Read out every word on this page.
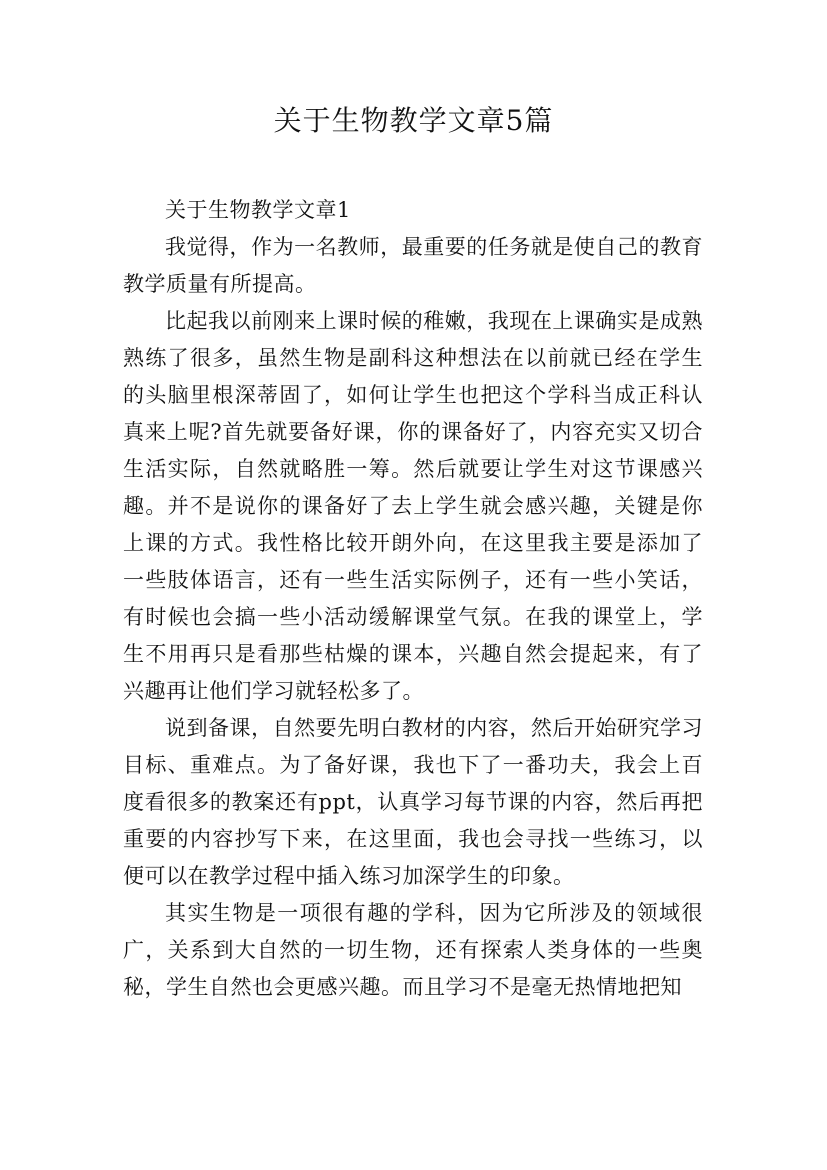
关于生物教学文章5篇

关于生物教学文章1

我觉得，作为一名教师，最重要的任务就是使自己的教育教学质量有所提高。

比起我以前刚来上课时候的稚嫩，我现在上课确实是成熟熟练了很多，虽然生物是副科这种想法在以前就已经在学生的头脑里根深蒂固了，如何让学生也把这个学科当成正科认真来上呢?首先就要备好课，你的课备好了，内容充实又切合生活实际，自然就略胜一筹。然后就要让学生对这节课感兴趣。并不是说你的课备好了去上学生就会感兴趣，关键是你上课的方式。我性格比较开朗外向，在这里我主要是添加了一些肢体语言，还有一些生活实际例子，还有一些小笑话，有时候也会搞一些小活动缓解课堂气氛。在我的课堂上，学生不用再只是看那些枯燥的课本，兴趣自然会提起来，有了兴趣再让他们学习就轻松多了。

说到备课，自然要先明白教材的内容，然后开始研究学习目标、重难点。为了备好课，我也下了一番功夫，我会上百度看很多的教案还有ppt，认真学习每节课的内容，然后再把重要的内容抄写下来，在这里面，我也会寻找一些练习，以便可以在教学过程中插入练习加深学生的印象。

其实生物是一项很有趣的学科，因为它所涉及的领域很广，关系到大自然的一切生物，还有探索人类身体的一些奥秘，学生自然也会更感兴趣。而且学习不是毫无热情地把知
